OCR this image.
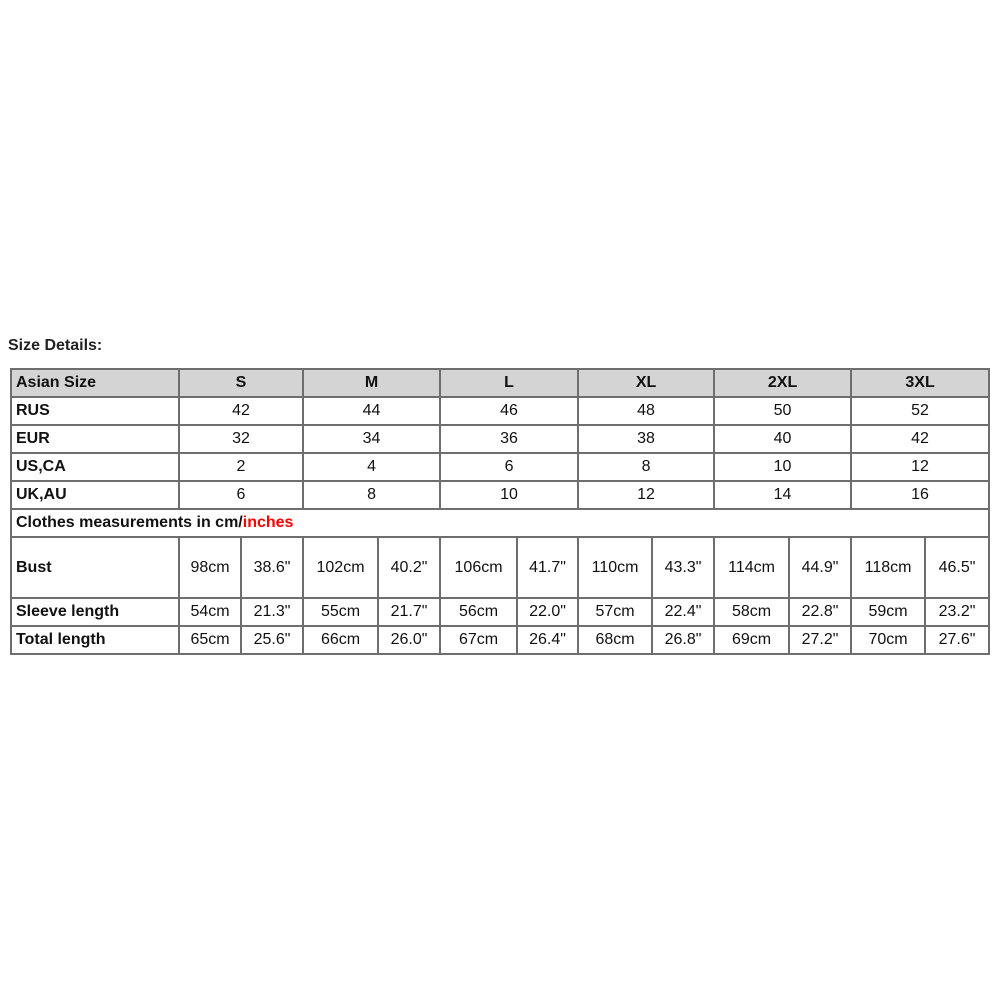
Size Details:
Asian Size	S		M		L		XL		2XL		3XL	
RUS	42		44		46		48		50		52	
EUR	32		34		36		38		40		42	
US,CA	2		4		6		8		10		12	
UK,AU	6		8		10		12		14		16	
Clothes measurements in cm/inches												
Bust	98cm	38.6"	102cm	40.2"	106cm	41.7"	110cm	43.3"	114cm	44.9"	118cm	46.5"
Sleeve length	54cm	21.3"	55cm	21.7"	56cm	22.0"	57cm	22.4"	58cm	22.8"	59cm	23.2"
Total length	65cm	25.6"	66cm	26.0"	67cm	26.4"	68cm	26.8"	69cm	27.2"	70cm	27.6"
